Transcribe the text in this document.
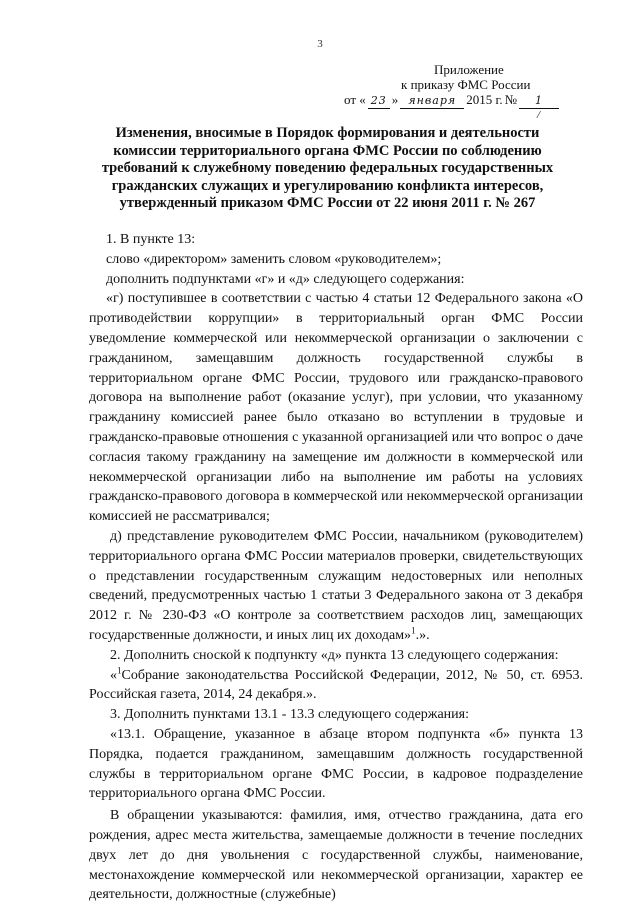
3
Приложение
к приказу ФМС России
от « 23 » января 2015 г. №	1
/
Изменения, вносимые в Порядок формирования и деятельности комиссии территориального органа ФМС России по соблюдению требований к служебному поведению федеральных государственных гражданских служащих и урегулированию конфликта интересов, утвержденный приказом ФМС России от 22 июня 2011 г. № 267

1. В пункте 13:

слово «директором» заменить словом «руководителем»;

дополнить подпунктами «г» и «д» следующего содержания:

«г) поступившее в соответствии с частью 4 статьи 12 Федерального закона «О противодействии коррупции» в территориальный орган ФМС России уведомление коммерческой или некоммерческой организации о заключении с гражданином, замещавшим должность государственной службы в территориальном органе ФМС России, трудового или гражданско-правового договора на выполнение работ (оказание услуг), при условии, что указанному гражданину комиссией ранее было отказано во вступлении в трудовые и гражданско-правовые отношения с указанной организацией или что вопрос о даче согласия такому гражданину на замещение им должности в коммерческой или некоммерческой организации либо на выполнение им работы на условиях гражданско-правового договора в коммерческой или некоммерческой организации комиссией не рассматривался;

д) представление руководителем ФМС России, начальником (руководителем) территориального органа ФМС России материалов проверки, свидетельствующих о представлении государственным служащим недостоверных или неполных сведений, предусмотренных частью 1 статьи 3 Федерального закона от 3 декабря 2012 г. № 230-ФЗ «О контроле за соответствием расходов лиц, замещающих государственные должности, и иных лиц их доходам»$^1$.».

2. Дополнить сноской к подпункту «д» пункта 13 следующего содержания:

«$^1$Собрание законодательства Российской Федерации, 2012, № 50, ст. 6953. Российская газета, 2014, 24 декабря.».

3. Дополнить пунктами 13.1 - 13.3 следующего содержания:

«13.1. Обращение, указанное в абзаце втором подпункта «б» пункта 13 Порядка, подается гражданином, замещавшим должность государственной службы в территориальном органе ФМС России, в кадровое подразделение территориального органа ФМС России.

В обращении указываются: фамилия, имя, отчество гражданина, дата его рождения, адрес места жительства, замещаемые должности в течение последних двух лет до дня увольнения с государственной службы, наименование, местонахождение коммерческой или некоммерческой организации, характер ее деятельности, должностные (служебные)
